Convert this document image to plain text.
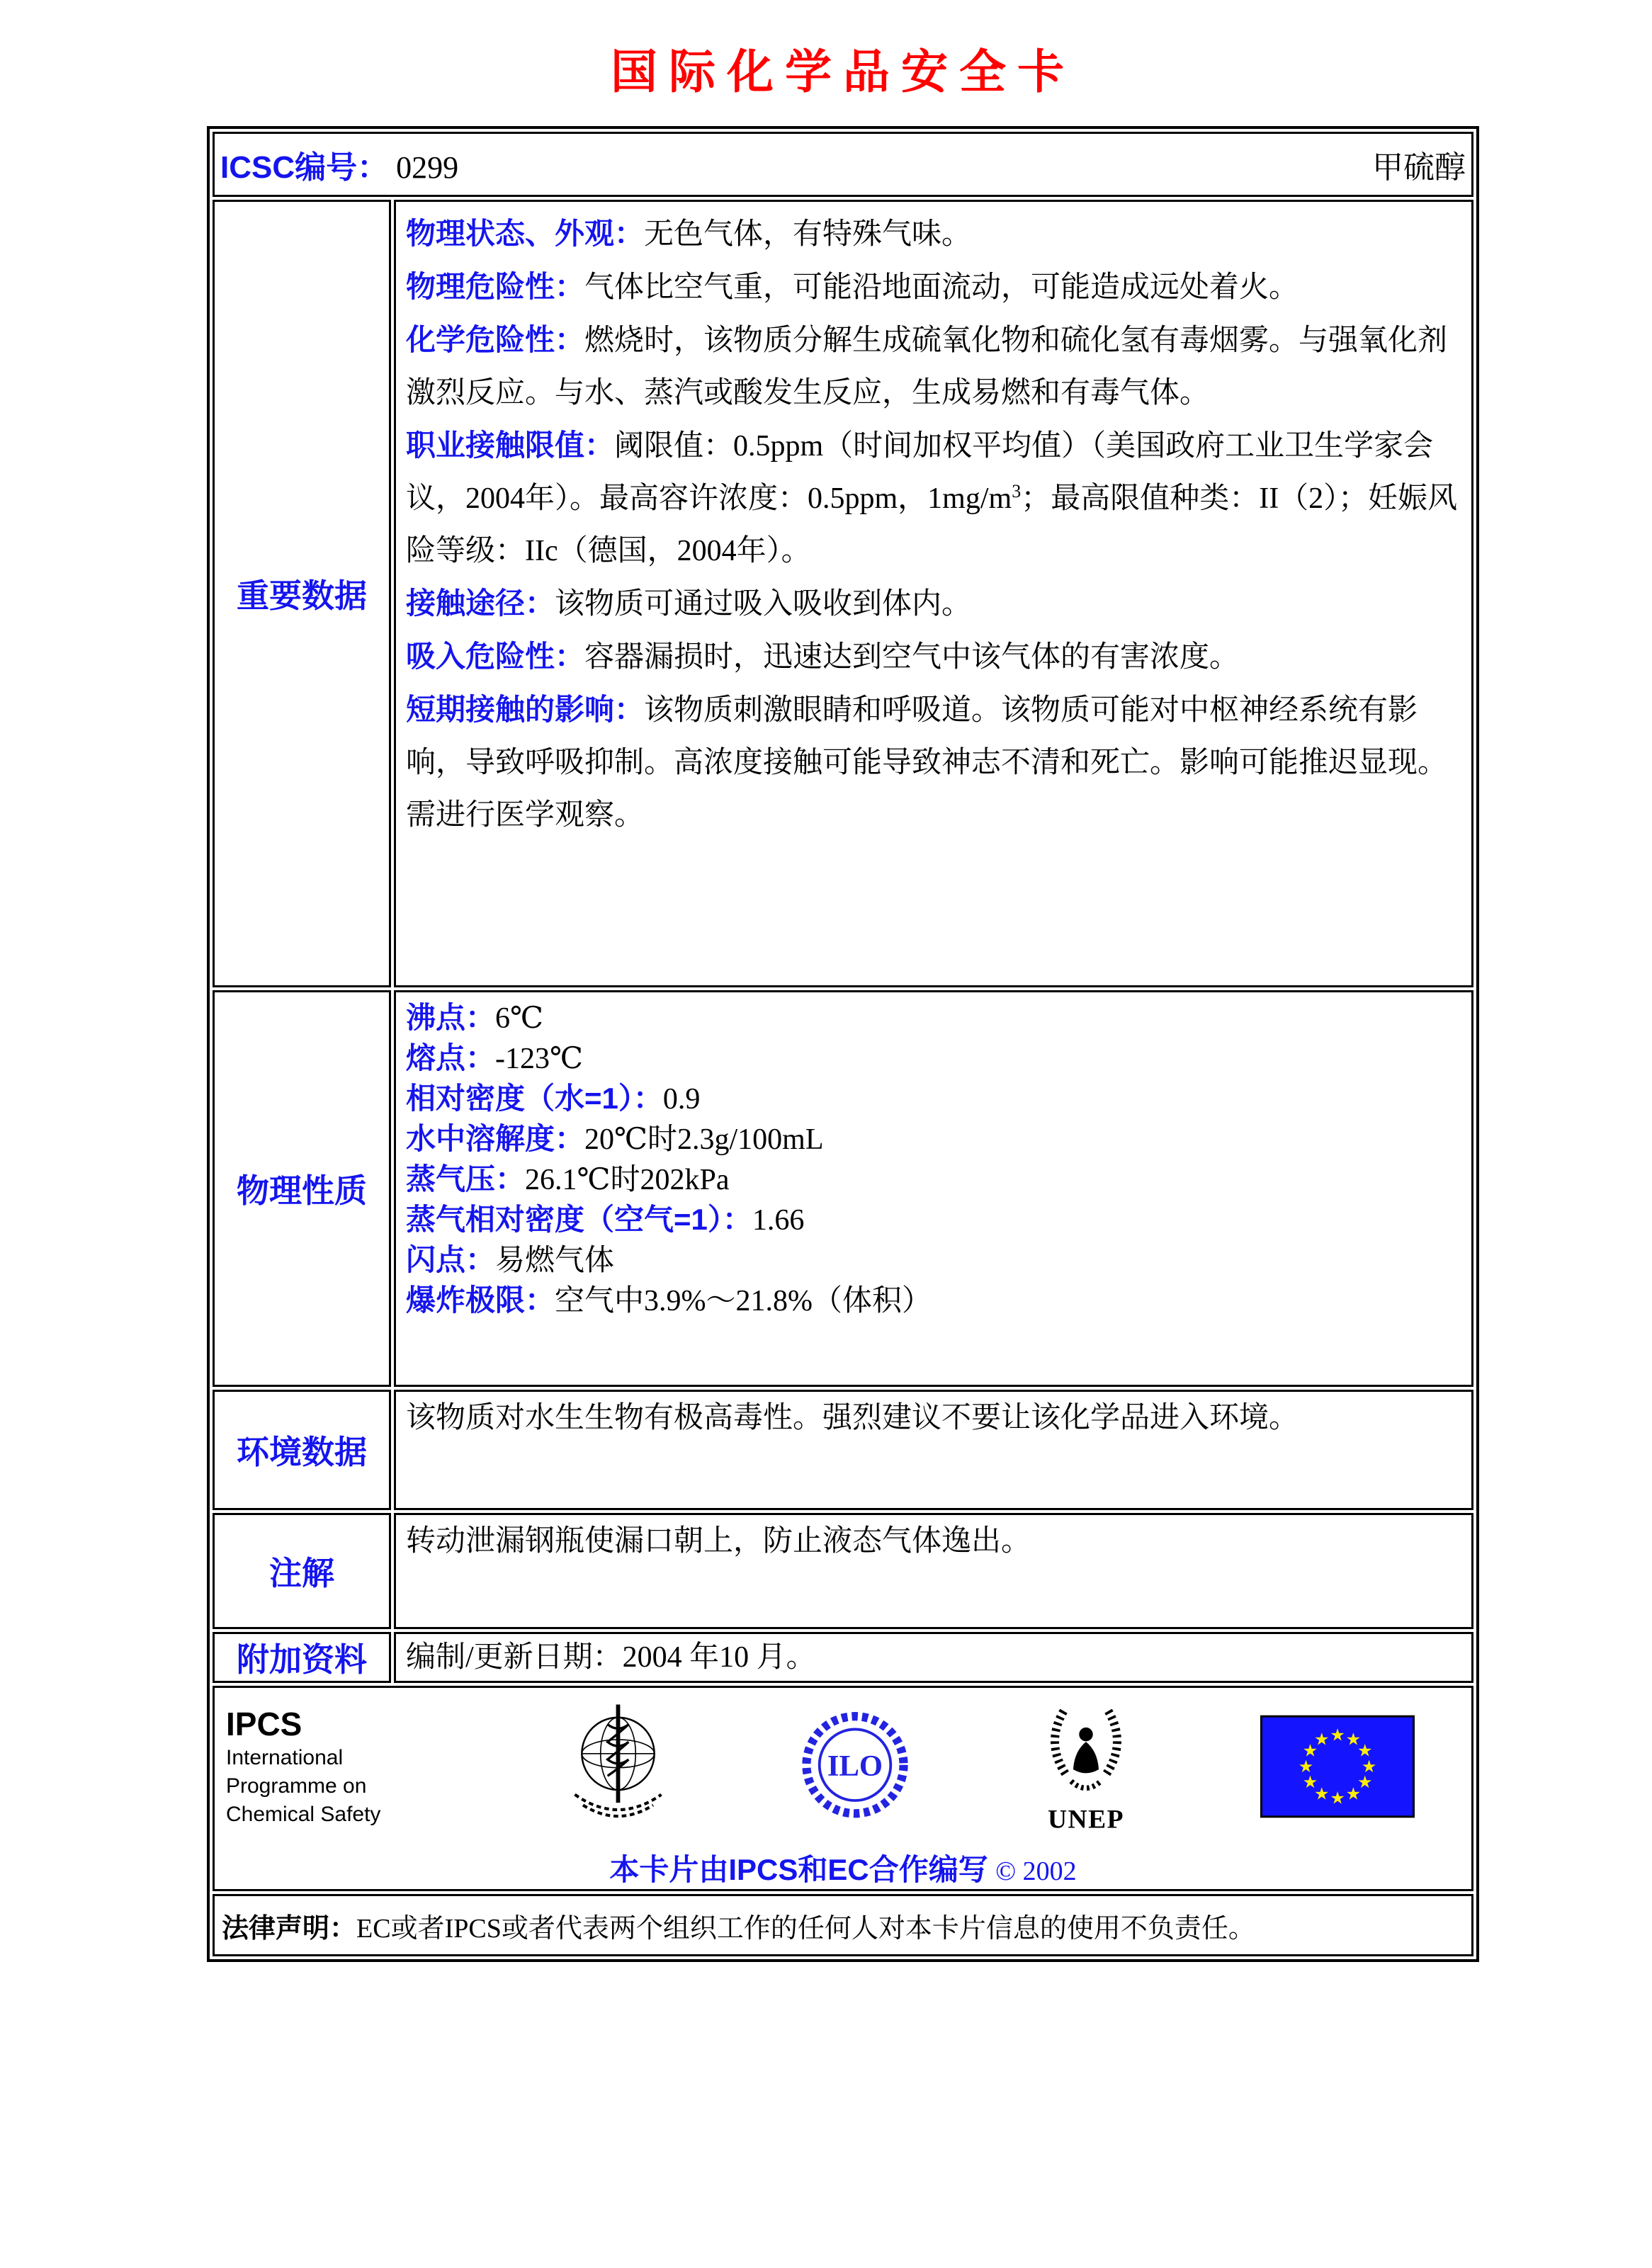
国际化学品安全卡
ICSC编号： 0299 甲硫醇	

重要数据	
物理状态、外观：无色气体，有特殊气味。
物理危险性：气体比空气重，可能沿地面流动，可能造成远处着火。
化学危险性：燃烧时，该物质分解生成硫氧化物和硫化氢有毒烟雾。与强氧化剂激烈反应。与水、蒸汽或酸发生反应，生成易燃和有毒气体。
职业接触限值：阈限值：0.5ppm（时间加权平均值）（美国政府工业卫生学家会议，2004年）。最高容许浓度：0.5ppm，$1mg/m^3$；最高限值种类：II（2）；妊娠风险等级：IIc（德国，2004年）。
接触途径：该物质可通过吸入吸收到体内。
吸入危险性：容器漏损时，迅速达到空气中该气体的有害浓度。
短期接触的影响：该物质刺激眼睛和呼吸道。该物质可能对中枢神经系统有影响，导致呼吸抑制。高浓度接触可能导致神志不清和死亡。影响可能推迟显现。需进行医学观察。

物理性质	
沸点：6℃
熔点：-123℃
相对密度（水=1）：0.9
水中溶解度：20℃时2.3g/100mL
蒸气压：26.1℃时202kPa
蒸气相对密度（空气=1）：1.66
闪点：易燃气体
爆炸极限：空气中3.9%～21.8%（体积）

环境数据	该物质对水生生物有极高毒性。强烈建议不要让该化学品进入环境。
注解	转动泄漏钢瓶使漏口朝上，防止液态气体逸出。
附加资料	编制/更新日期：2004 年10 月。

IPCS
International
Programme on
Chemical Safety
ILO
UNEP
★ ★
★
★
★
★
★
★
★
★
★
★
本卡片由IPCS和EC合作编写 © 2002

法律声明：EC或者IPCS或者代表两个组织工作的任何人对本卡片信息的使用不负责任。	
